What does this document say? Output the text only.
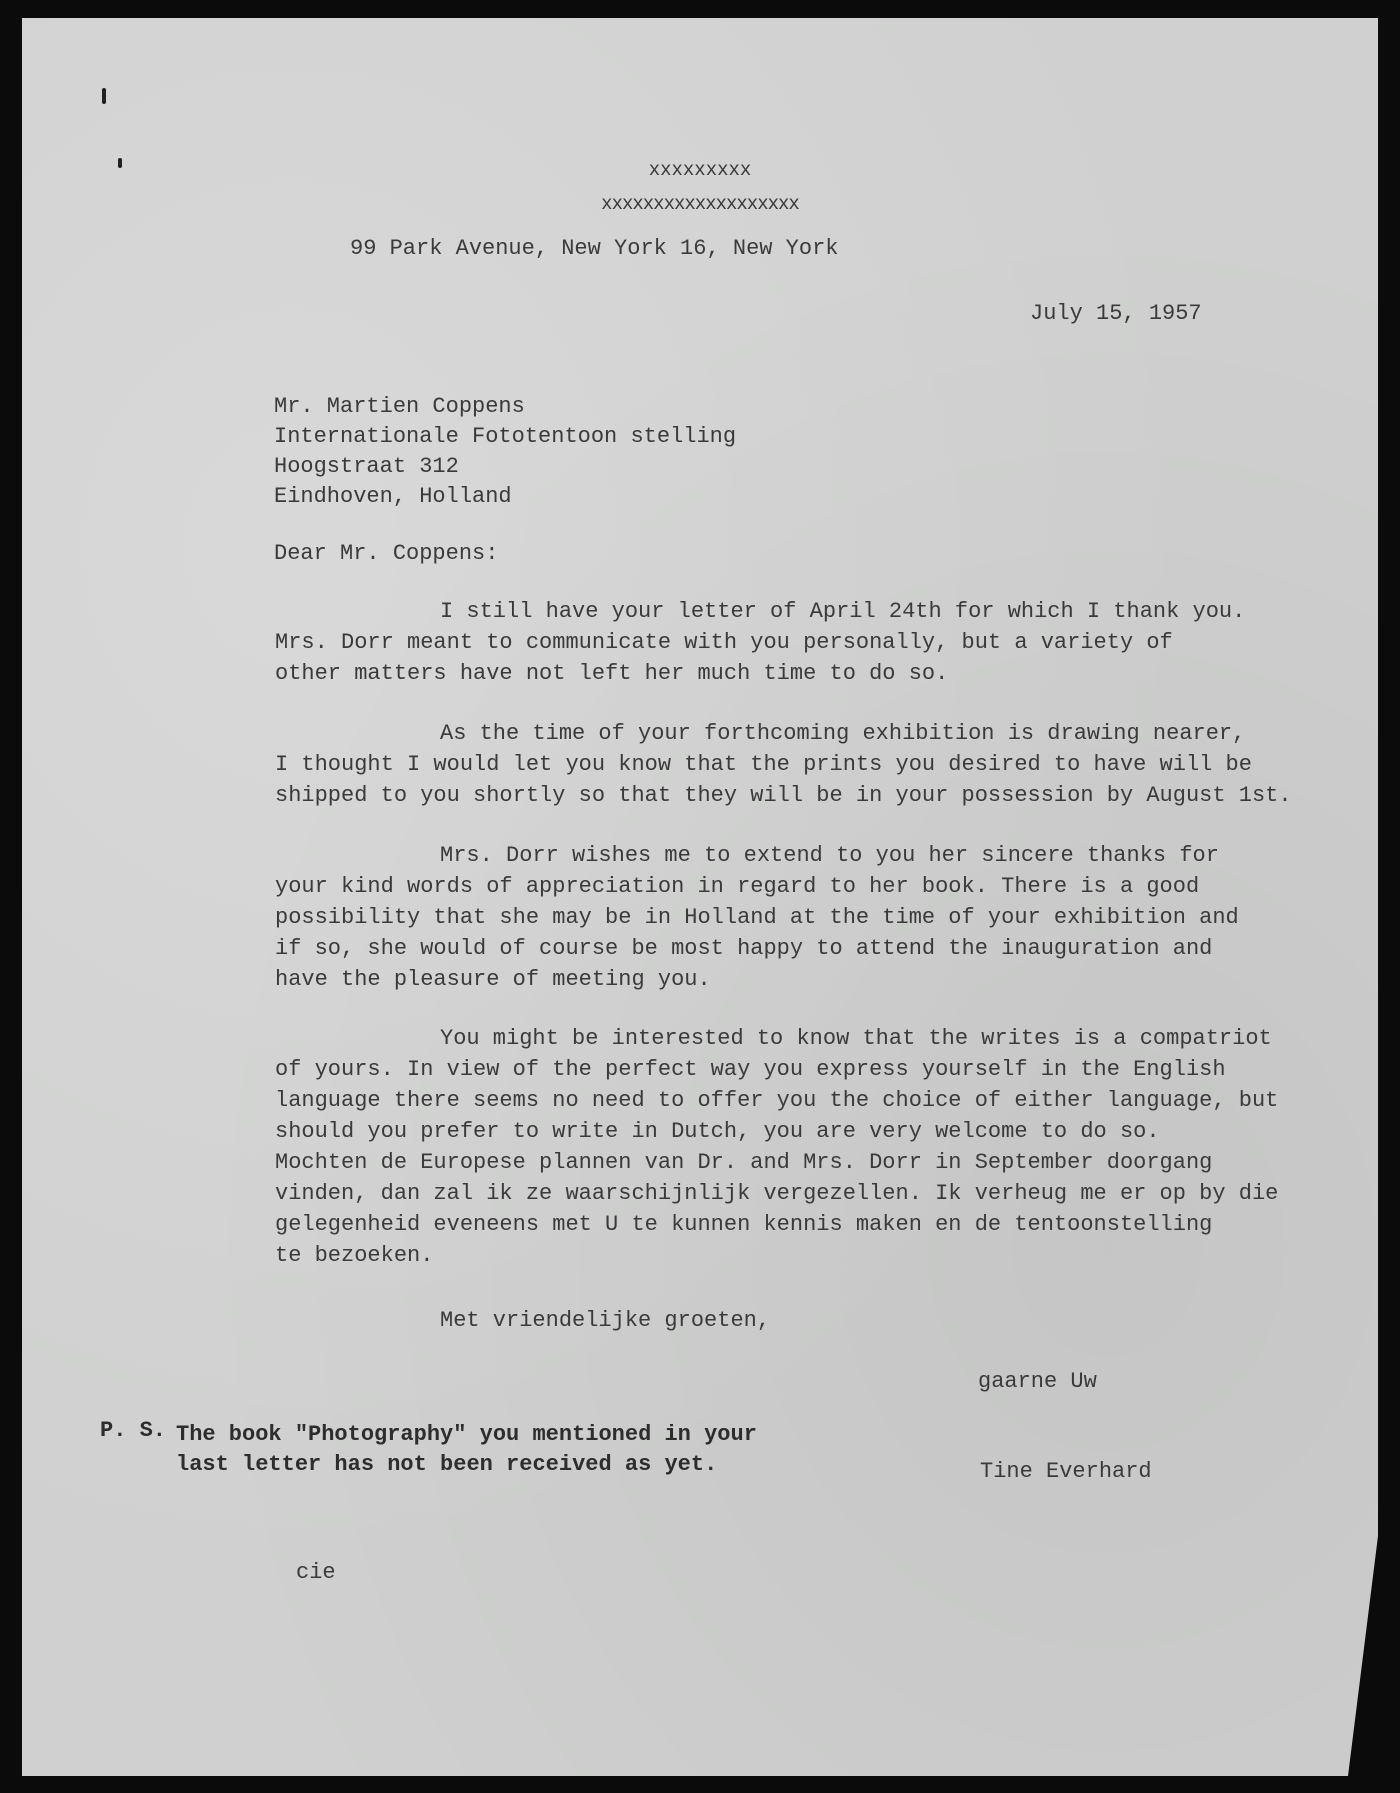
xxxxxxxxx
xxxxxxxxxxxxxxxxxxx
99 Park Avenue, New York 16, New York
July 15, 1957
Mr. Martien Coppens
Internationale Fototentoon stelling
Hoogstraat 312
Eindhoven, Holland
Dear Mr. Coppens:
I still have your letter of April 24th for which I thank you.
Mrs. Dorr meant to communicate with you personally, but a variety of
other matters have not left her much time to do so.
As the time of your forthcoming exhibition is drawing nearer,
I thought I would let you know that the prints you desired to have will be
shipped to you shortly so that they will be in your possession by August 1st.
Mrs. Dorr wishes me to extend to you her sincere thanks for
your kind words of appreciation in regard to her book. There is a good
possibility that she may be in Holland at the time of your exhibition and
if so, she would of course be most happy to attend the inauguration and
have the pleasure of meeting you.
You might be interested to know that the writes is a compatriot
of yours. In view of the perfect way you express yourself in the English
language there seems no need to offer you the choice of either language, but
should you prefer to write in Dutch, you are very welcome to do so.
Mochten de Europese plannen van Dr. and Mrs. Dorr in September doorgang
vinden, dan zal ik ze waarschijnlijk vergezellen. Ik verheug me er op by die
gelegenheid eveneens met U te kunnen kennis maken en de tentoonstelling
te bezoeken.
Met vriendelijke groeten,
gaarne Uw
P. S. The book "Photography" you mentioned in your
last letter has not been received as yet.	Tine Everhard
cie
